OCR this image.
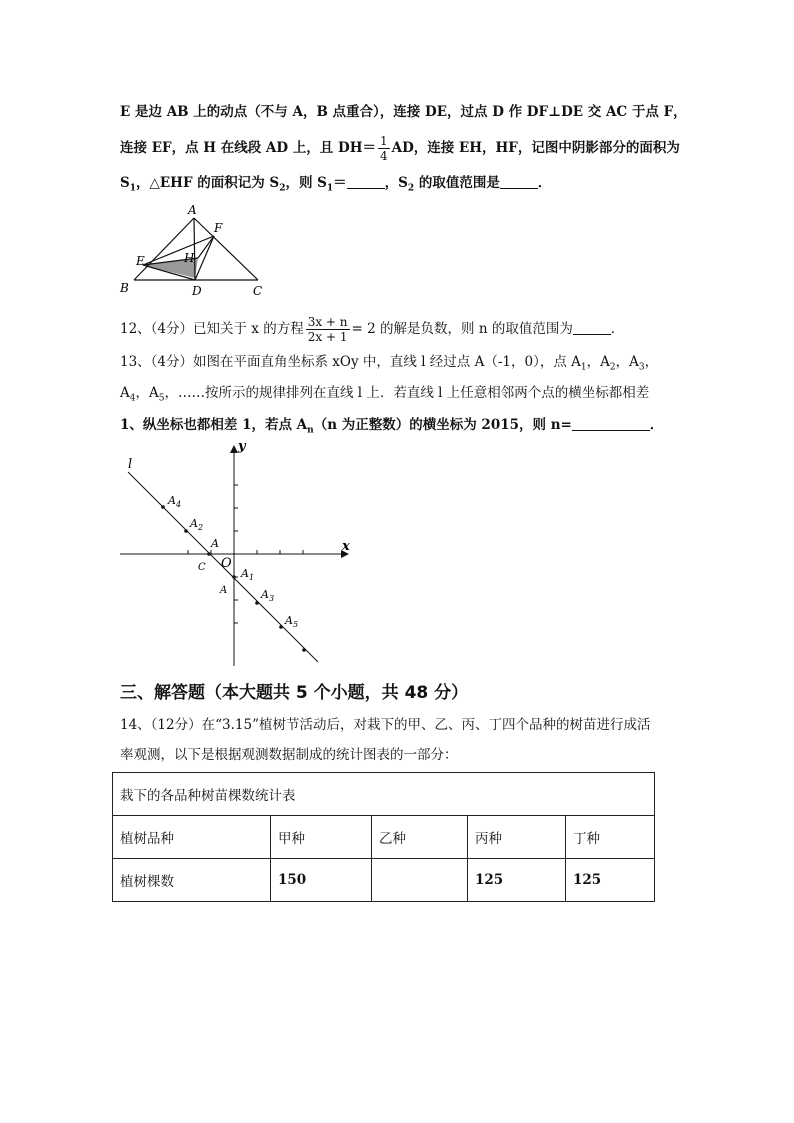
E 是边 AB 上的动点（不与 A，B 点重合），连接 DE，过点 D 作 DF⊥DE 交 AC 于点 F，
连接 EF，点 H 在线段 AD 上，且 $DH= \frac{1}{4}$ AD，连接 EH，HF，记图中阴影部分的面积为
$S_1$，△EHF 的面积记为 $S_2$，则 $S_1=$	，$S_2$ 的取值范围是	．
A
F
H
E
B	D	C
12、（4分）已知关于 x 的方程 $\frac{3x + n}{2x + 1} = 2$ 的解是负数，则 n 的取值范围为	．
13、（4分）如图在平面直角坐标系 xOy 中，直线 l 经过点 A（-1，0），点 $A_1$，$A_2$，$A_3$，
$A_4$，$A_5$，……按所示的规律排列在直线 l 上．若直线 l 上任意相邻两个点的横坐标都相差
1、纵坐标也都相差 1，若点 $A_n(n$ 为正整数）的横坐标为 2015，则 n=	．
l
y
x
O
A
C
A
$A_4$
$A_2$
$A_1$
$A_3$
$A_5$
三、解答题（本大题共 5 个小题，共 48 分）
14、（12分）在“3.15”植树节活动后，对栽下的甲、乙、丙、丁四个品种的树苗进行成活
率观测，以下是根据观测数据制成的统计图表的一部分：
栽下的各品种树苗棵数统计表				
植树品种	甲种	乙种	丙种	丁种
植树棵数	150		125	125
